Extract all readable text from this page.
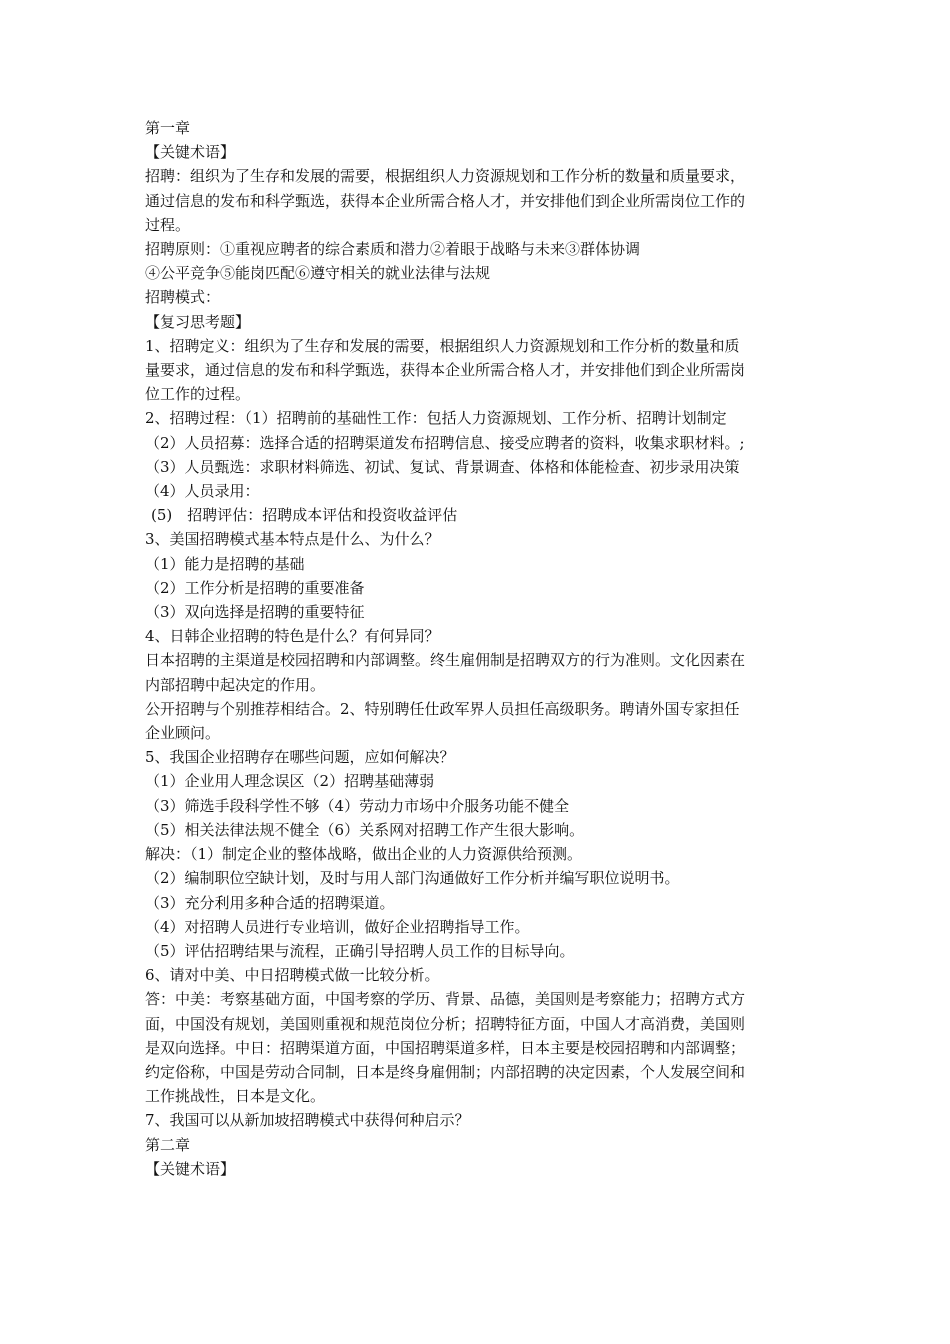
第一章
【关键术语】
招聘：组织为了生存和发展的需要，根据组织人力资源规划和工作分析的数量和质量要求，
通过信息的发布和科学甄选，获得本企业所需合格人才，并安排他们到企业所需岗位工作的
过程。
招聘原则：①重视应聘者的综合素质和潜力②着眼于战略与未来③群体协调
④公平竞争⑤能岗匹配⑥遵守相关的就业法律与法规
招聘模式：
【复习思考题】
1、招聘定义：组织为了生存和发展的需要，根据组织人力资源规划和工作分析的数量和质
量要求，通过信息的发布和科学甄选，获得本企业所需合格人才，并安排他们到企业所需岗
位工作的过程。
2、招聘过程：（1）招聘前的基础性工作：包括人力资源规划、工作分析、招聘计划制定
（2）人员招募：选择合适的招聘渠道发布招聘信息、接受应聘者的资料，收集求职材料。;
（3）人员甄选：求职材料筛选、初试、复试、背景调查、体格和体能检查、初步录用决策
（4）人员录用：
(5)　招聘评估：招聘成本评估和投资收益评估
3、美国招聘模式基本特点是什么、为什么？
（1）能力是招聘的基础
（2）工作分析是招聘的重要准备
（3）双向选择是招聘的重要特征
4、日韩企业招聘的特色是什么？有何异同？
日本招聘的主渠道是校园招聘和内部调整。终生雇佣制是招聘双方的行为准则。文化因素在
内部招聘中起决定的作用。
公开招聘与个别推荐相结合。2、特别聘任仕政军界人员担任高级职务。聘请外国专家担任
企业顾问。
5、我国企业招聘存在哪些问题，应如何解决？
（1）企业用人理念误区（2）招聘基础薄弱
（3）筛选手段科学性不够（4）劳动力市场中介服务功能不健全
（5）相关法律法规不健全（6）关系网对招聘工作产生很大影响。
解决：（1）制定企业的整体战略，做出企业的人力资源供给预测。
（2）编制职位空缺计划，及时与用人部门沟通做好工作分析并编写职位说明书。
（3）充分利用多种合适的招聘渠道。
（4）对招聘人员进行专业培训，做好企业招聘指导工作。
（5）评估招聘结果与流程，正确引导招聘人员工作的目标导向。
6、请对中美、中日招聘模式做一比较分析。
答：中美：考察基础方面，中国考察的学历、背景、品德，美国则是考察能力；招聘方式方
面，中国没有规划，美国则重视和规范岗位分析；招聘特征方面，中国人才高消费，美国则
是双向选择。中日：招聘渠道方面，中国招聘渠道多样，日本主要是校园招聘和内部调整；
约定俗称，中国是劳动合同制，日本是终身雇佣制；内部招聘的决定因素，个人发展空间和
工作挑战性，日本是文化。
7、我国可以从新加坡招聘模式中获得何种启示？
第二章
【关键术语】
